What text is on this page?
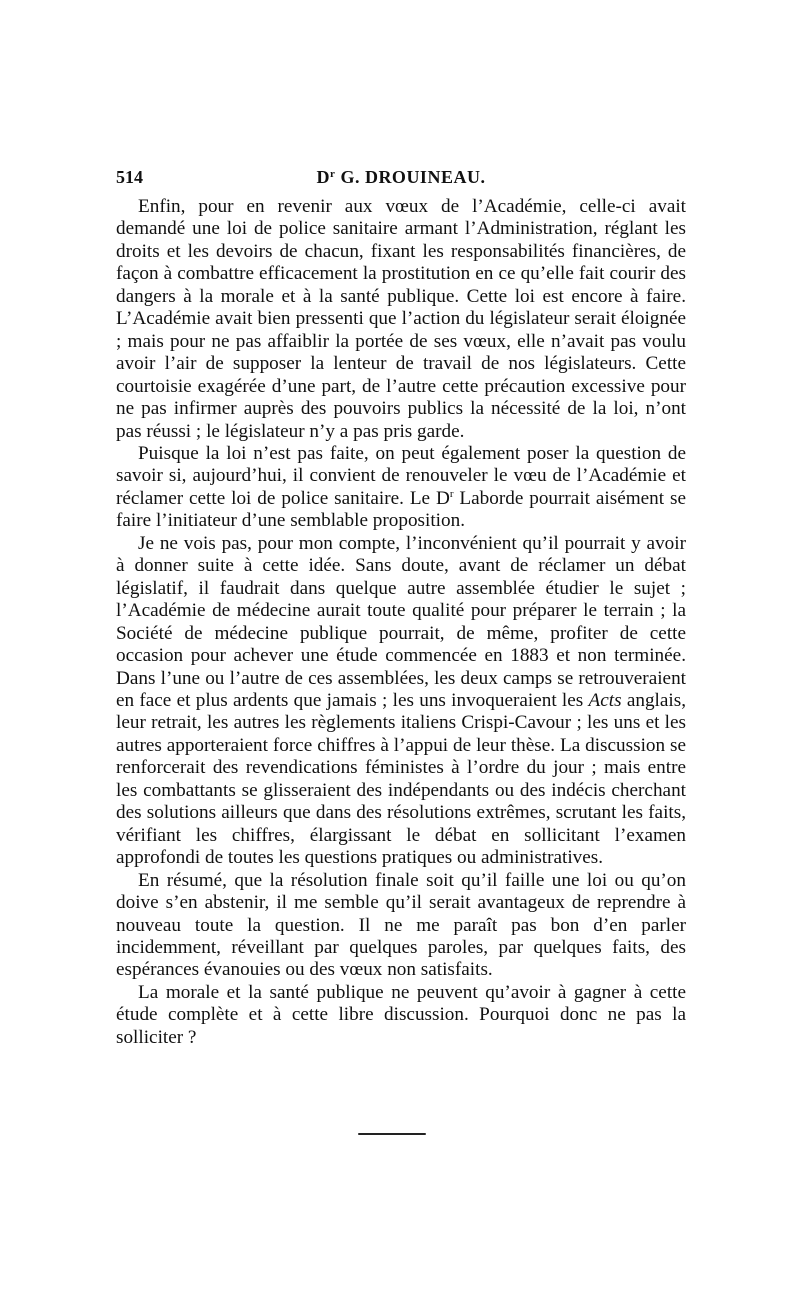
514	$D^r$ G. DROUINEAU.

Enfin, pour en revenir aux vœux de l’Académie, celle-ci avait demandé une loi de police sanitaire armant l’Administration, réglant les droits et les devoirs de chacun, fixant les responsabilités financières, de façon à combattre efficacement la prostitution en ce qu’elle fait courir des dangers à la morale et à la santé publique. Cette loi est encore à faire. L’Académie avait bien pressenti que l’action du législateur serait éloignée ; mais pour ne pas affaiblir la portée de ses vœux, elle n’avait pas voulu avoir l’air de supposer la lenteur de travail de nos législateurs. Cette courtoisie exagérée d’une part, de l’autre cette précaution excessive pour ne pas infirmer auprès des pouvoirs publics la nécessité de la loi, n’ont pas réussi ; le législateur n’y a pas pris garde.

Puisque la loi n’est pas faite, on peut également poser la question de savoir si, aujourd’hui, il convient de renouveler le vœu de l’Académie et réclamer cette loi de police sanitaire. Le $D^r$ Laborde pourrait aisément se faire l’initiateur d’une semblable proposition.

Je ne vois pas, pour mon compte, l’inconvénient qu’il pourrait y avoir à donner suite à cette idée. Sans doute, avant de réclamer un débat législatif, il faudrait dans quelque autre assemblée étudier le sujet ; l’Académie de médecine aurait toute qualité pour préparer le terrain ; la Société de médecine publique pourrait, de même, profiter de cette occasion pour achever une étude commencée en 1883 et non terminée. Dans l’une ou l’autre de ces assemblées, les deux camps se retrouveraient en face et plus ardents que jamais ; les uns invoqueraient les Acts anglais, leur retrait, les autres les règlements italiens Crispi-Cavour ; les uns et les autres apporteraient force chiffres à l’appui de leur thèse. La discussion se renforcerait des revendications féministes à l’ordre du jour ; mais entre les combattants se glisseraient des indépendants ou des indécis cherchant des solutions ailleurs que dans des résolutions extrêmes, scrutant les faits, vérifiant les chiffres, élargissant le débat en sollicitant l’examen approfondi de toutes les questions pratiques ou administratives.

En résumé, que la résolution finale soit qu’il faille une loi ou qu’on doive s’en abstenir, il me semble qu’il serait avantageux de reprendre à nouveau toute la question. Il ne me paraît pas bon d’en parler incidemment, réveillant par quelques paroles, par quelques faits, des espérances évanouies ou des vœux non satisfaits.

La morale et la santé publique ne peuvent qu’avoir à gagner à cette étude complète et à cette libre discussion. Pourquoi donc ne pas la solliciter ?
